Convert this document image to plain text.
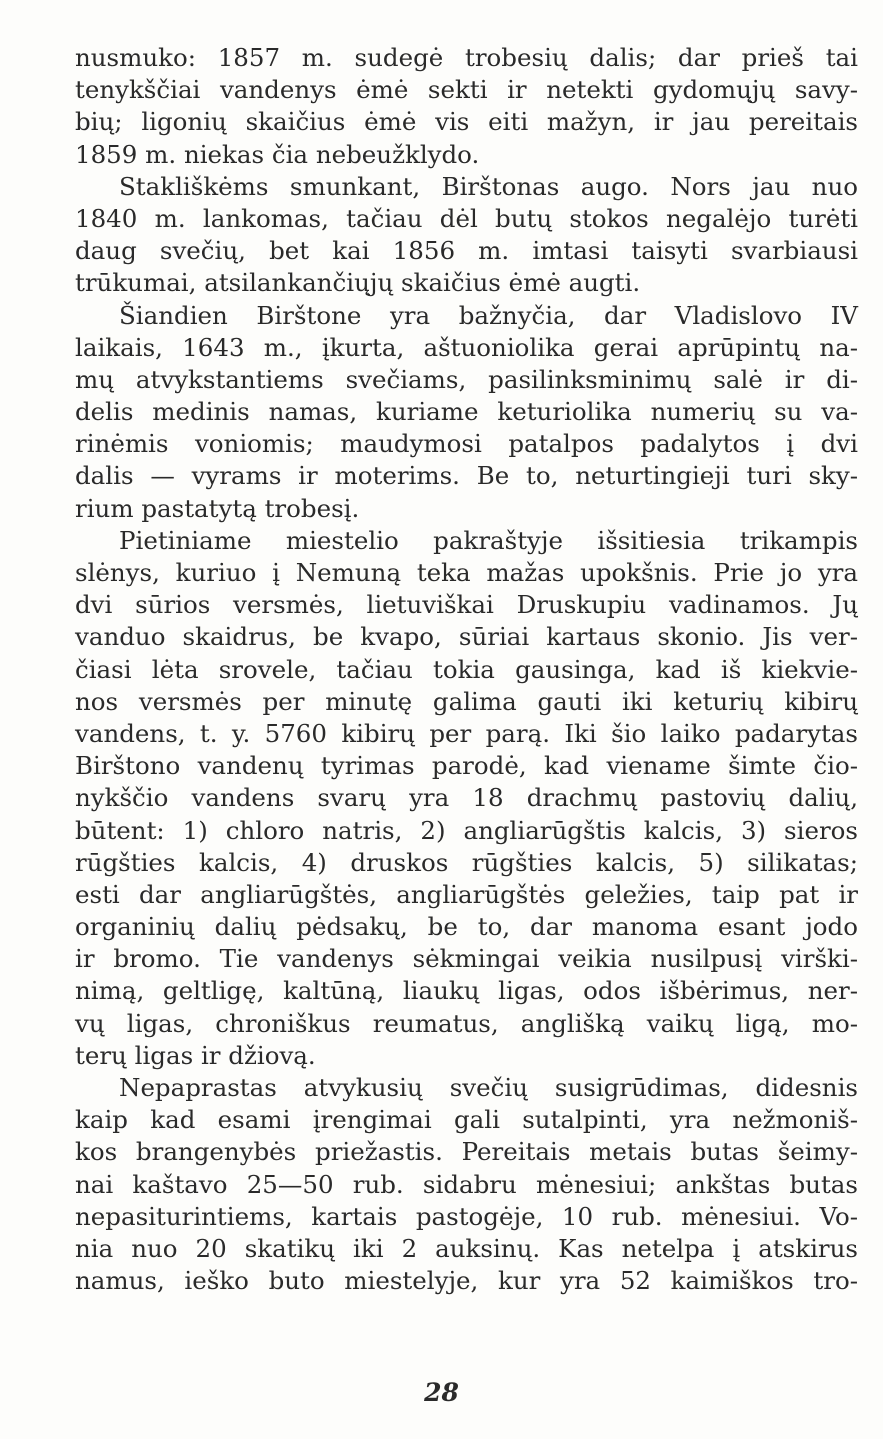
nusmuko: 1857 m. sudegė trobesių dalis; dar prieš tai
tenykščiai vandenys ėmė sekti ir netekti gydomųjų savy-
bių; ligonių skaičius ėmė vis eiti mažyn, ir jau pereitais
1859 m. niekas čia nebeužklydo.
Stakliškėms smunkant, Birštonas augo. Nors jau nuo
1840 m. lankomas, tačiau dėl butų stokos negalėjo turėti
daug svečių, bet kai 1856 m. imtasi taisyti svarbiausi
trūkumai, atsilankančiųjų skaičius ėmė augti.
Šiandien Birštone yra bažnyčia, dar Vladislovo IV
laikais, 1643 m., įkurta, aštuoniolika gerai aprūpintų na-
mų atvykstantiems svečiams, pasilinksminimų salė ir di-
delis medinis namas, kuriame keturiolika numerių su va-
rinėmis voniomis; maudymosi patalpos padalytos į dvi
dalis — vyrams ir moterims. Be to, neturtingieji turi sky-
rium pastatytą trobesį.
Pietiniame miestelio pakraštyje išsitiesia trikampis
slėnys, kuriuo į Nemuną teka mažas upokšnis. Prie jo yra
dvi sūrios versmės, lietuviškai Druskupiu vadinamos. Jų
vanduo skaidrus, be kvapo, sūriai kartaus skonio. Jis ver-
čiasi lėta srovele, tačiau tokia gausinga, kad iš kiekvie-
nos versmės per minutę galima gauti iki keturių kibirų
vandens, t. y. 5760 kibirų per parą. Iki šio laiko padarytas
Birštono vandenų tyrimas parodė, kad viename šimte čio-
nykščio vandens svarų yra 18 drachmų pastovių dalių,
būtent: 1) chloro natris, 2) angliarūgštis kalcis, 3) sieros
rūgšties kalcis, 4) druskos rūgšties kalcis, 5) silikatas;
esti dar angliarūgštės, angliarūgštės geležies, taip pat ir
organinių dalių pėdsakų, be to, dar manoma esant jodo
ir bromo. Tie vandenys sėkmingai veikia nusilpusį virški-
nimą, geltligę, kaltūną, liaukų ligas, odos išbėrimus, ner-
vų ligas, chroniškus reumatus, anglišką vaikų ligą, mo-
terų ligas ir džiovą.
Nepaprastas atvykusių svečių susigrūdimas, didesnis
kaip kad esami įrengimai gali sutalpinti, yra nežmoniš-
kos brangenybės priežastis. Pereitais metais butas šeimy-
nai kaštavo 25—50 rub. sidabru mėnesiui; ankštas butas
nepasiturintiems, kartais pastogėje, 10 rub. mėnesiui. Vo-
nia nuo 20 skatikų iki 2 auksinų. Kas netelpa į atskirus
namus, ieško buto miestelyje, kur yra 52 kaimiškos tro-
28
